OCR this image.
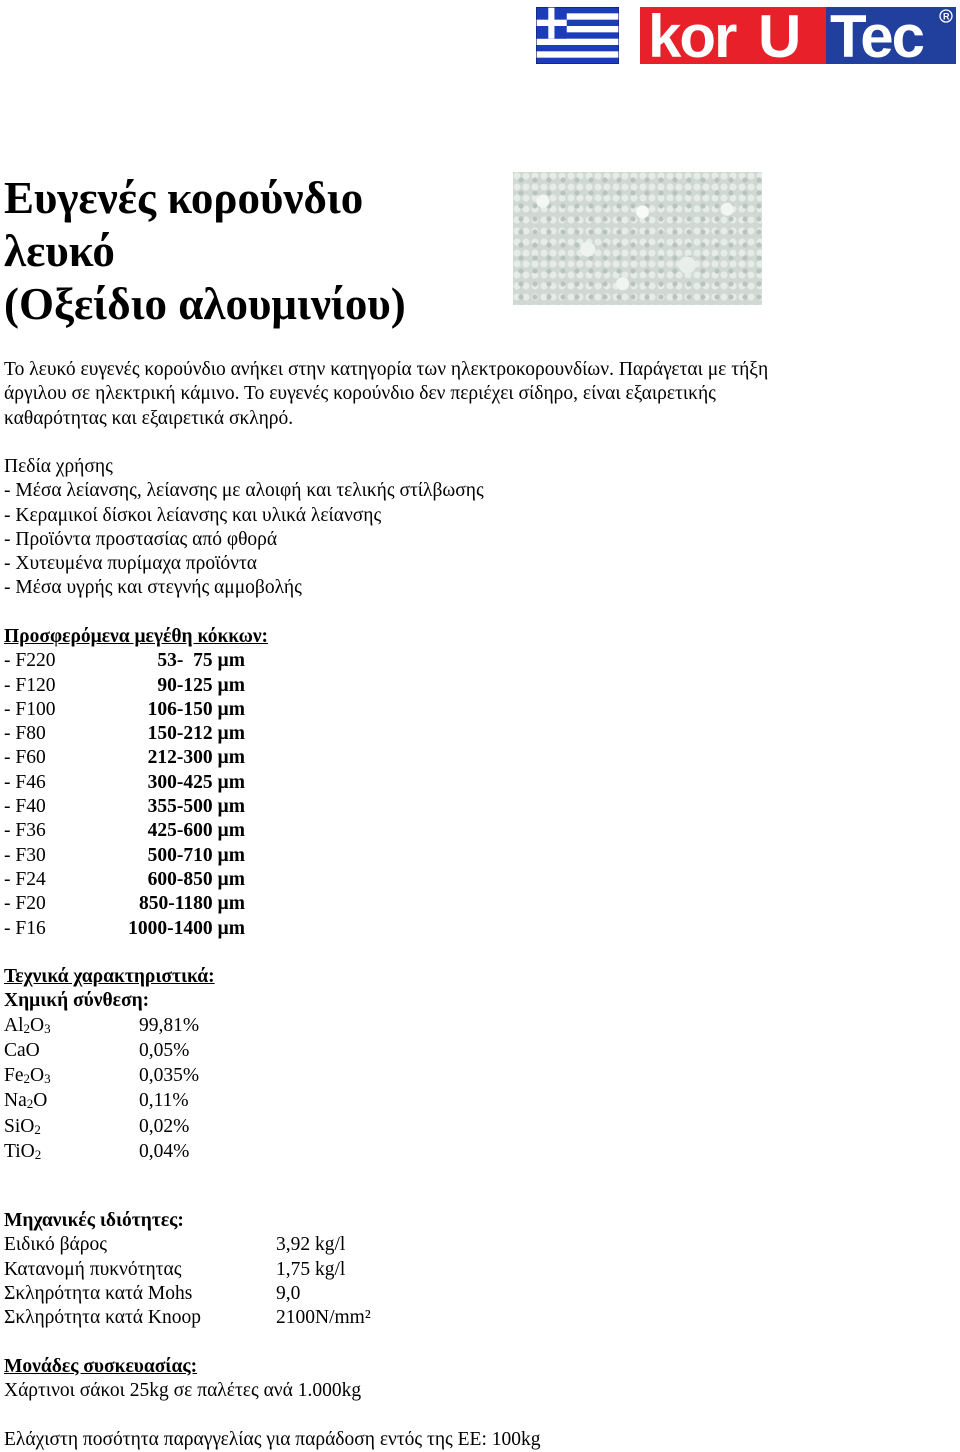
kor U Tec R
Ευγενές κορούνδιο
λευκό
(Οξείδιο αλουμινίου)
Το λευκό ευγενές κορούνδιο ανήκει στην κατηγορία των ηλεκτροκορουνδίων. Παράγεται με τήξη
άργιλου σε ηλεκτρική κάμινο. Το ευγενές κορούνδιο δεν περιέχει σίδηρο, είναι εξαιρετικής
καθαρότητας και εξαιρετικά σκληρό.
Πεδία χρήσης
- Μέσα λείανσης, λείανσης με αλοιφή και τελικής στίλβωσης
- Κεραμικοί δίσκοι λείανσης και υλικά λείανσης
- Προϊόντα προστασίας από φθορά
- Χυτευμένα πυρίμαχα προϊόντα
- Μέσα υγρής και στεγνής αμμοβολής
Προσφερόμενα μεγέθη κόκκων:
- F220	53-  75 µm
- F120	90-125 µm
- F100	106-150 µm
- F80	150-212 µm
- F60	212-300 µm
- F46	300-425 µm
- F40	355-500 µm
- F36	425-600 µm
- F30	500-710 µm
- F24	600-850 µm
- F20	850-1180 µm
- F16	1000-1400 µm
Τεχνικά χαρακτηριστικά:
Χημική σύνθεση:
$Al_2O_3$	99,81%
CaO	0,05%
$Fe_2O_3$	0,035%
$Na_2O$	0,11%
SiO$_2$	0,02%
TiO$_2$	0,04%
Μηχανικές ιδιότητες:
Ειδικό βάρος	3,92 kg/l
Κατανομή πυκνότητας	1,75 kg/l
Σκληρότητα κατά Mohs	9,0
Σκληρότητα κατά Knoop	2100N/mm²
Μονάδες συσκευασίας:
Χάρτινοι σάκοι 25kg σε παλέτες ανά 1.000kg
Ελάχιστη ποσότητα παραγγελίας για παράδοση εντός της ΕΕ: 100kg
